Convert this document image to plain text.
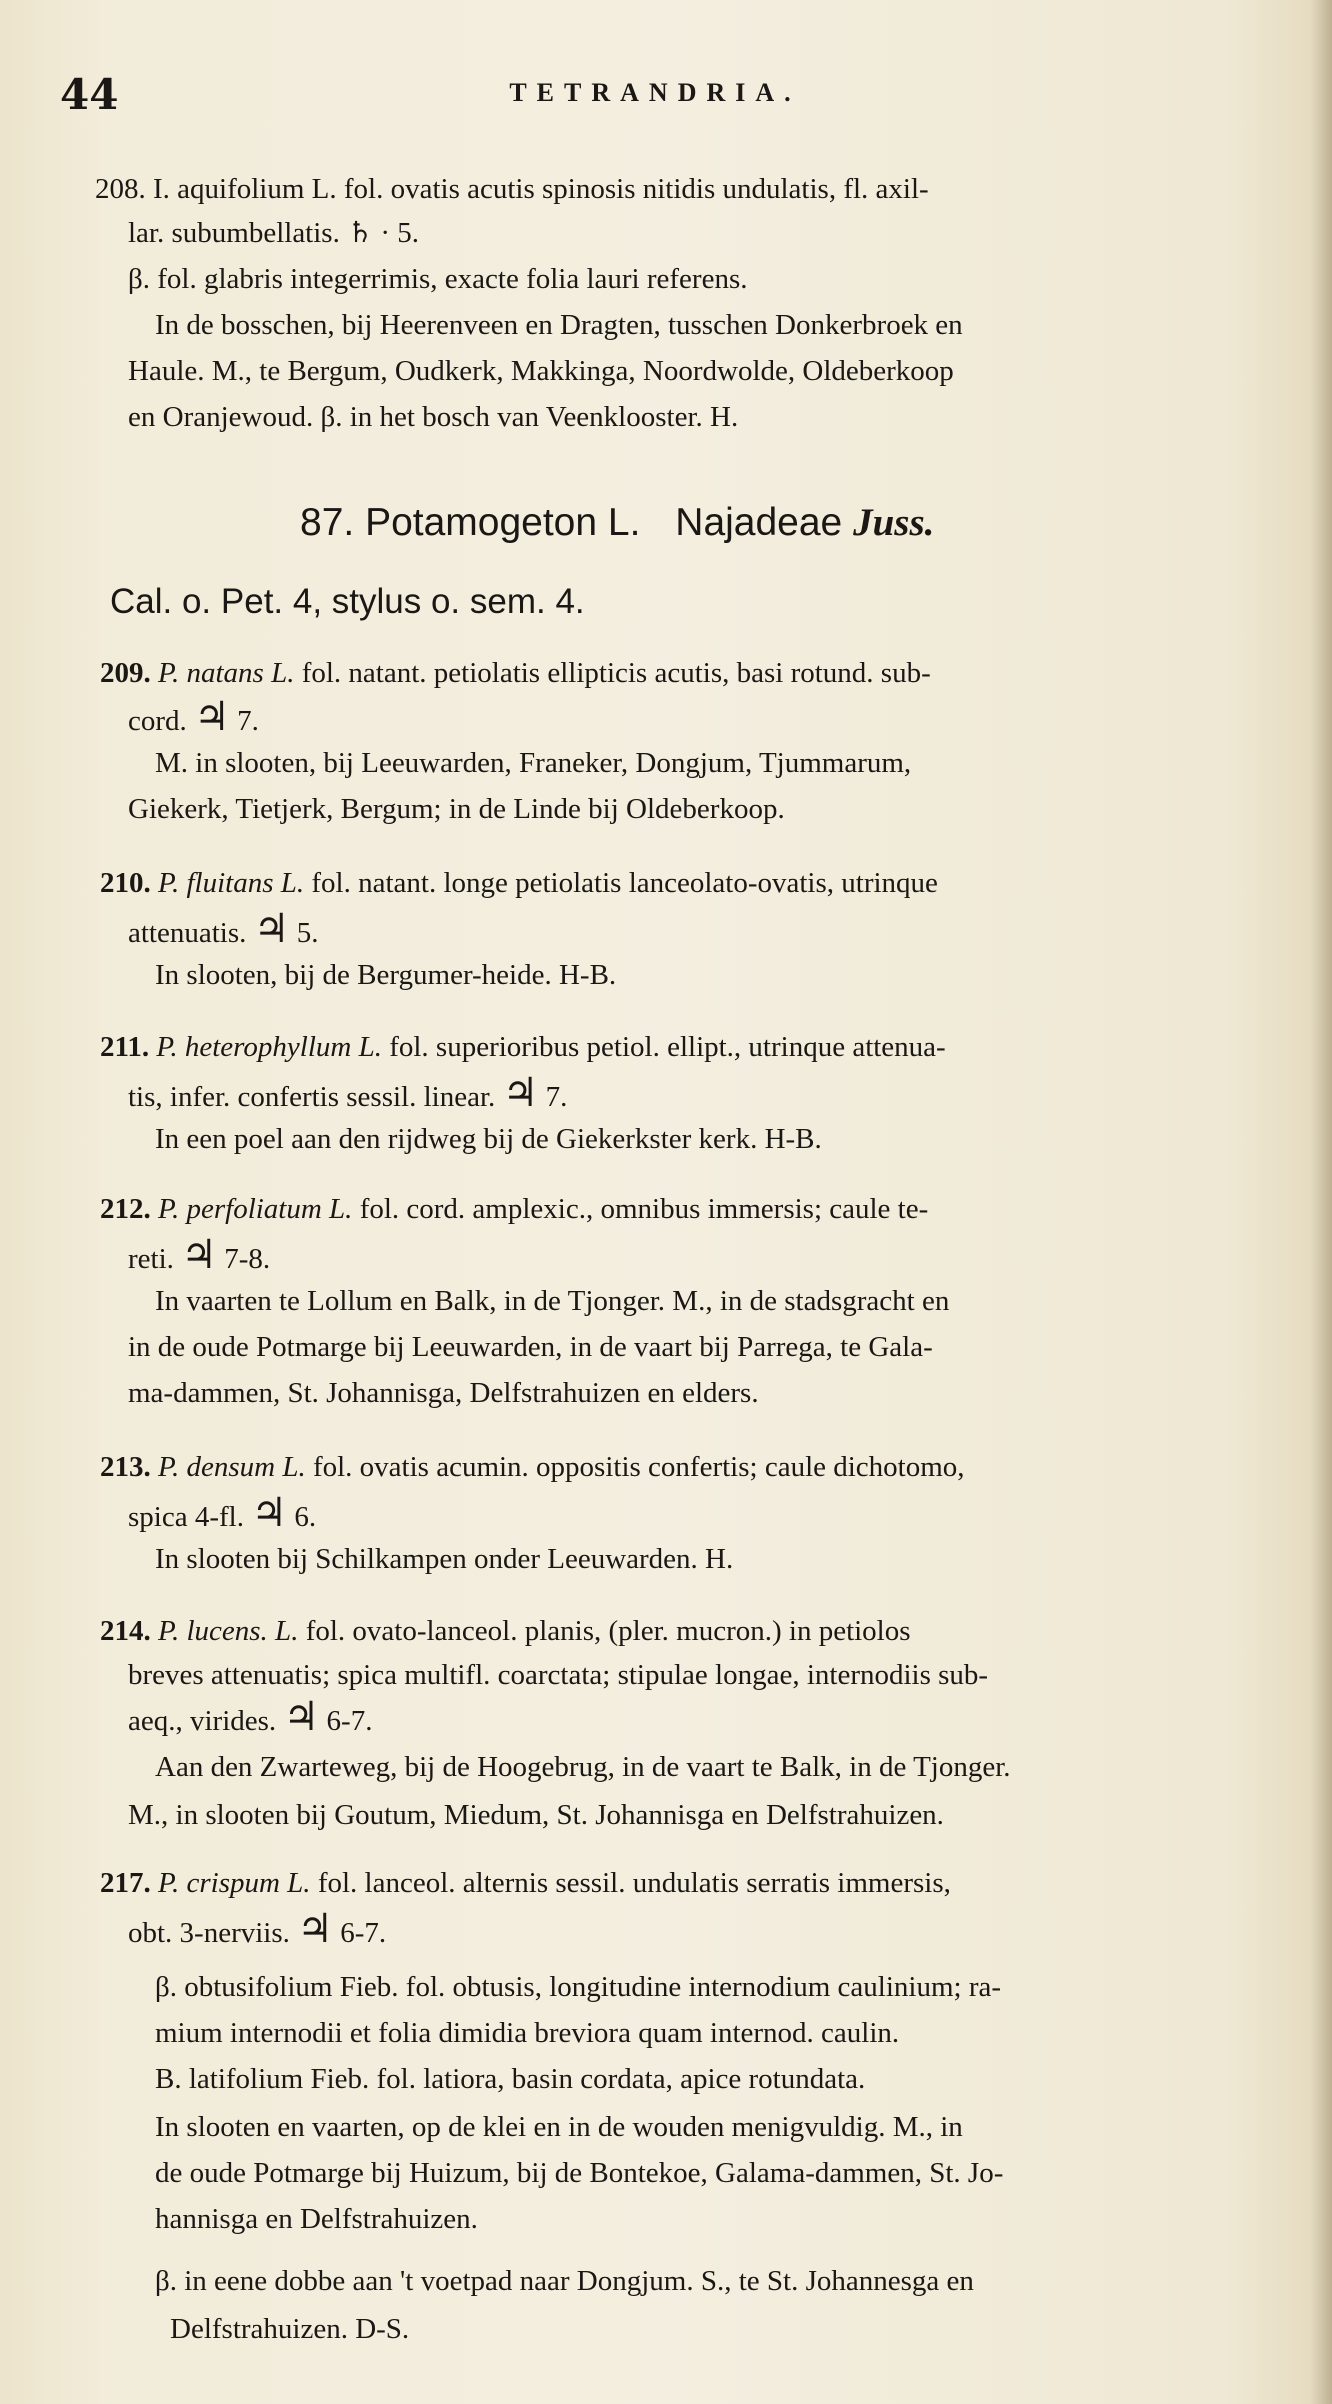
44	TETRANDRIA.
208. I. aquifolium L. fol. ovatis acutis spinosis nitidis undulatis, fl. axil-
lar. subumbellatis. ♄ · 5.
β. fol. glabris integerrimis, exacte folia lauri referens.
In de bosschen, bij Heerenveen en Dragten, tusschen Donkerbroek en
Haule. M., te Bergum, Oudkerk, Makkinga, Noordwolde, Oldeberkoop
en Oranjewoud. β. in het bosch van Veenklooster. H.
87. Potamogeton L. Najadeae Juss.
Cal. o. Pet. 4, stylus o. sem. 4.
209. P. natans L. fol. natant. petiolatis ellipticis acutis, basi rotund. sub-
cord. ♃ 7.
M. in slooten, bij Leeuwarden, Franeker, Dongjum, Tjummarum,
Giekerk, Tietjerk, Bergum; in de Linde bij Oldeberkoop.
210. P. fluitans L. fol. natant. longe petiolatis lanceolato-ovatis, utrinque
attenuatis. ♃ 5.
In slooten, bij de Bergumer-heide. H-B.
211. P. heterophyllum L. fol. superioribus petiol. ellipt., utrinque attenua-
tis, infer. confertis sessil. linear. ♃ 7.
In een poel aan den rijdweg bij de Giekerkster kerk. H-B.
212. P. perfoliatum L. fol. cord. amplexic., omnibus immersis; caule te-
reti. ♃ 7-8.
In vaarten te Lollum en Balk, in de Tjonger. M., in de stadsgracht en
in de oude Potmarge bij Leeuwarden, in de vaart bij Parrega, te Gala-
ma-dammen, St. Johannisga, Delfstrahuizen en elders.
213. P. densum L. fol. ovatis acumin. oppositis confertis; caule dichotomo,
spica 4-fl. ♃ 6.
In slooten bij Schilkampen onder Leeuwarden. H.
214. P. lucens. L. fol. ovato-lanceol. planis, (pler. mucron.) in petiolos
breves attenuatis; spica multifl. coarctata; stipulae longae, internodiis sub-
aeq., virides. ♃ 6-7.
Aan den Zwarteweg, bij de Hoogebrug, in de vaart te Balk, in de Tjonger.
M., in slooten bij Goutum, Miedum, St. Johannisga en Delfstrahuizen.
217. P. crispum L. fol. lanceol. alternis sessil. undulatis serratis immersis,
obt. 3-nerviis. ♃ 6-7.
β. obtusifolium Fieb. fol. obtusis, longitudine internodium caulinium; ra-
mium internodii et folia dimidia breviora quam internod. caulin.
B. latifolium Fieb. fol. latiora, basin cordata, apice rotundata.
In slooten en vaarten, op de klei en in de wouden menigvuldig. M., in
de oude Potmarge bij Huizum, bij de Bontekoe, Galama-dammen, St. Jo-
hannisga en Delfstrahuizen.
β. in eene dobbe aan 't voetpad naar Dongjum. S., te St. Johannesga en
Delfstrahuizen. D-S.
